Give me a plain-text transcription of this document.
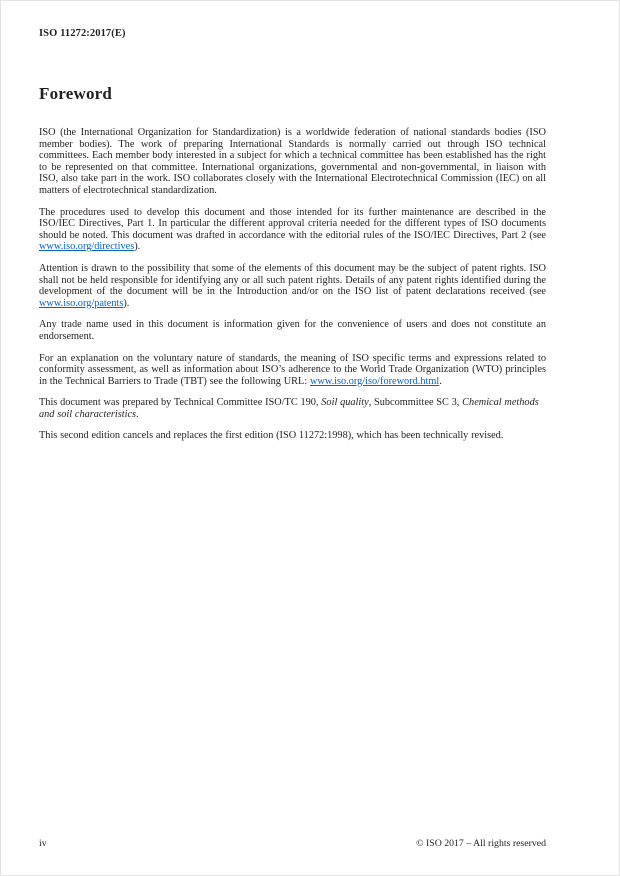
ISO 11272:2017(E)
Foreword

ISO (the International Organization for Standardization) is a worldwide federation of national standards bodies (ISO member bodies). The work of preparing International Standards is normally carried out through ISO technical committees. Each member body interested in a subject for which a technical committee has been established has the right to be represented on that committee. International organizations, governmental and non-governmental, in liaison with ISO, also take part in the work. ISO collaborates closely with the International Electrotechnical Commission (IEC) on all matters of electrotechnical standardization.

The procedures used to develop this document and those intended for its further maintenance are described in the ISO/IEC Directives, Part 1. In particular the different approval criteria needed for the different types of ISO documents should be noted. This document was drafted in accordance with the editorial rules of the ISO/IEC Directives, Part 2 (see www.iso.org/directives).

Attention is drawn to the possibility that some of the elements of this document may be the subject of patent rights. ISO shall not be held responsible for identifying any or all such patent rights. Details of any patent rights identified during the development of the document will be in the Introduction and/or on the ISO list of patent declarations received (see www.iso.org/patents).

Any trade name used in this document is information given for the convenience of users and does not constitute an endorsement.

For an explanation on the voluntary nature of standards, the meaning of ISO specific terms and expressions related to conformity assessment, as well as information about ISO’s adherence to the World Trade Organization (WTO) principles in the Technical Barriers to Trade (TBT) see the following URL: www.iso.org/iso/foreword.html.

This document was prepared by Technical Committee ISO/TC 190, Soil quality, Subcommittee SC 3, Chemical methods and soil characteristics.

This second edition cancels and replaces the first edition (ISO 11272:1998), which has been technically revised.

iv	© ISO 2017 – All rights reserved
